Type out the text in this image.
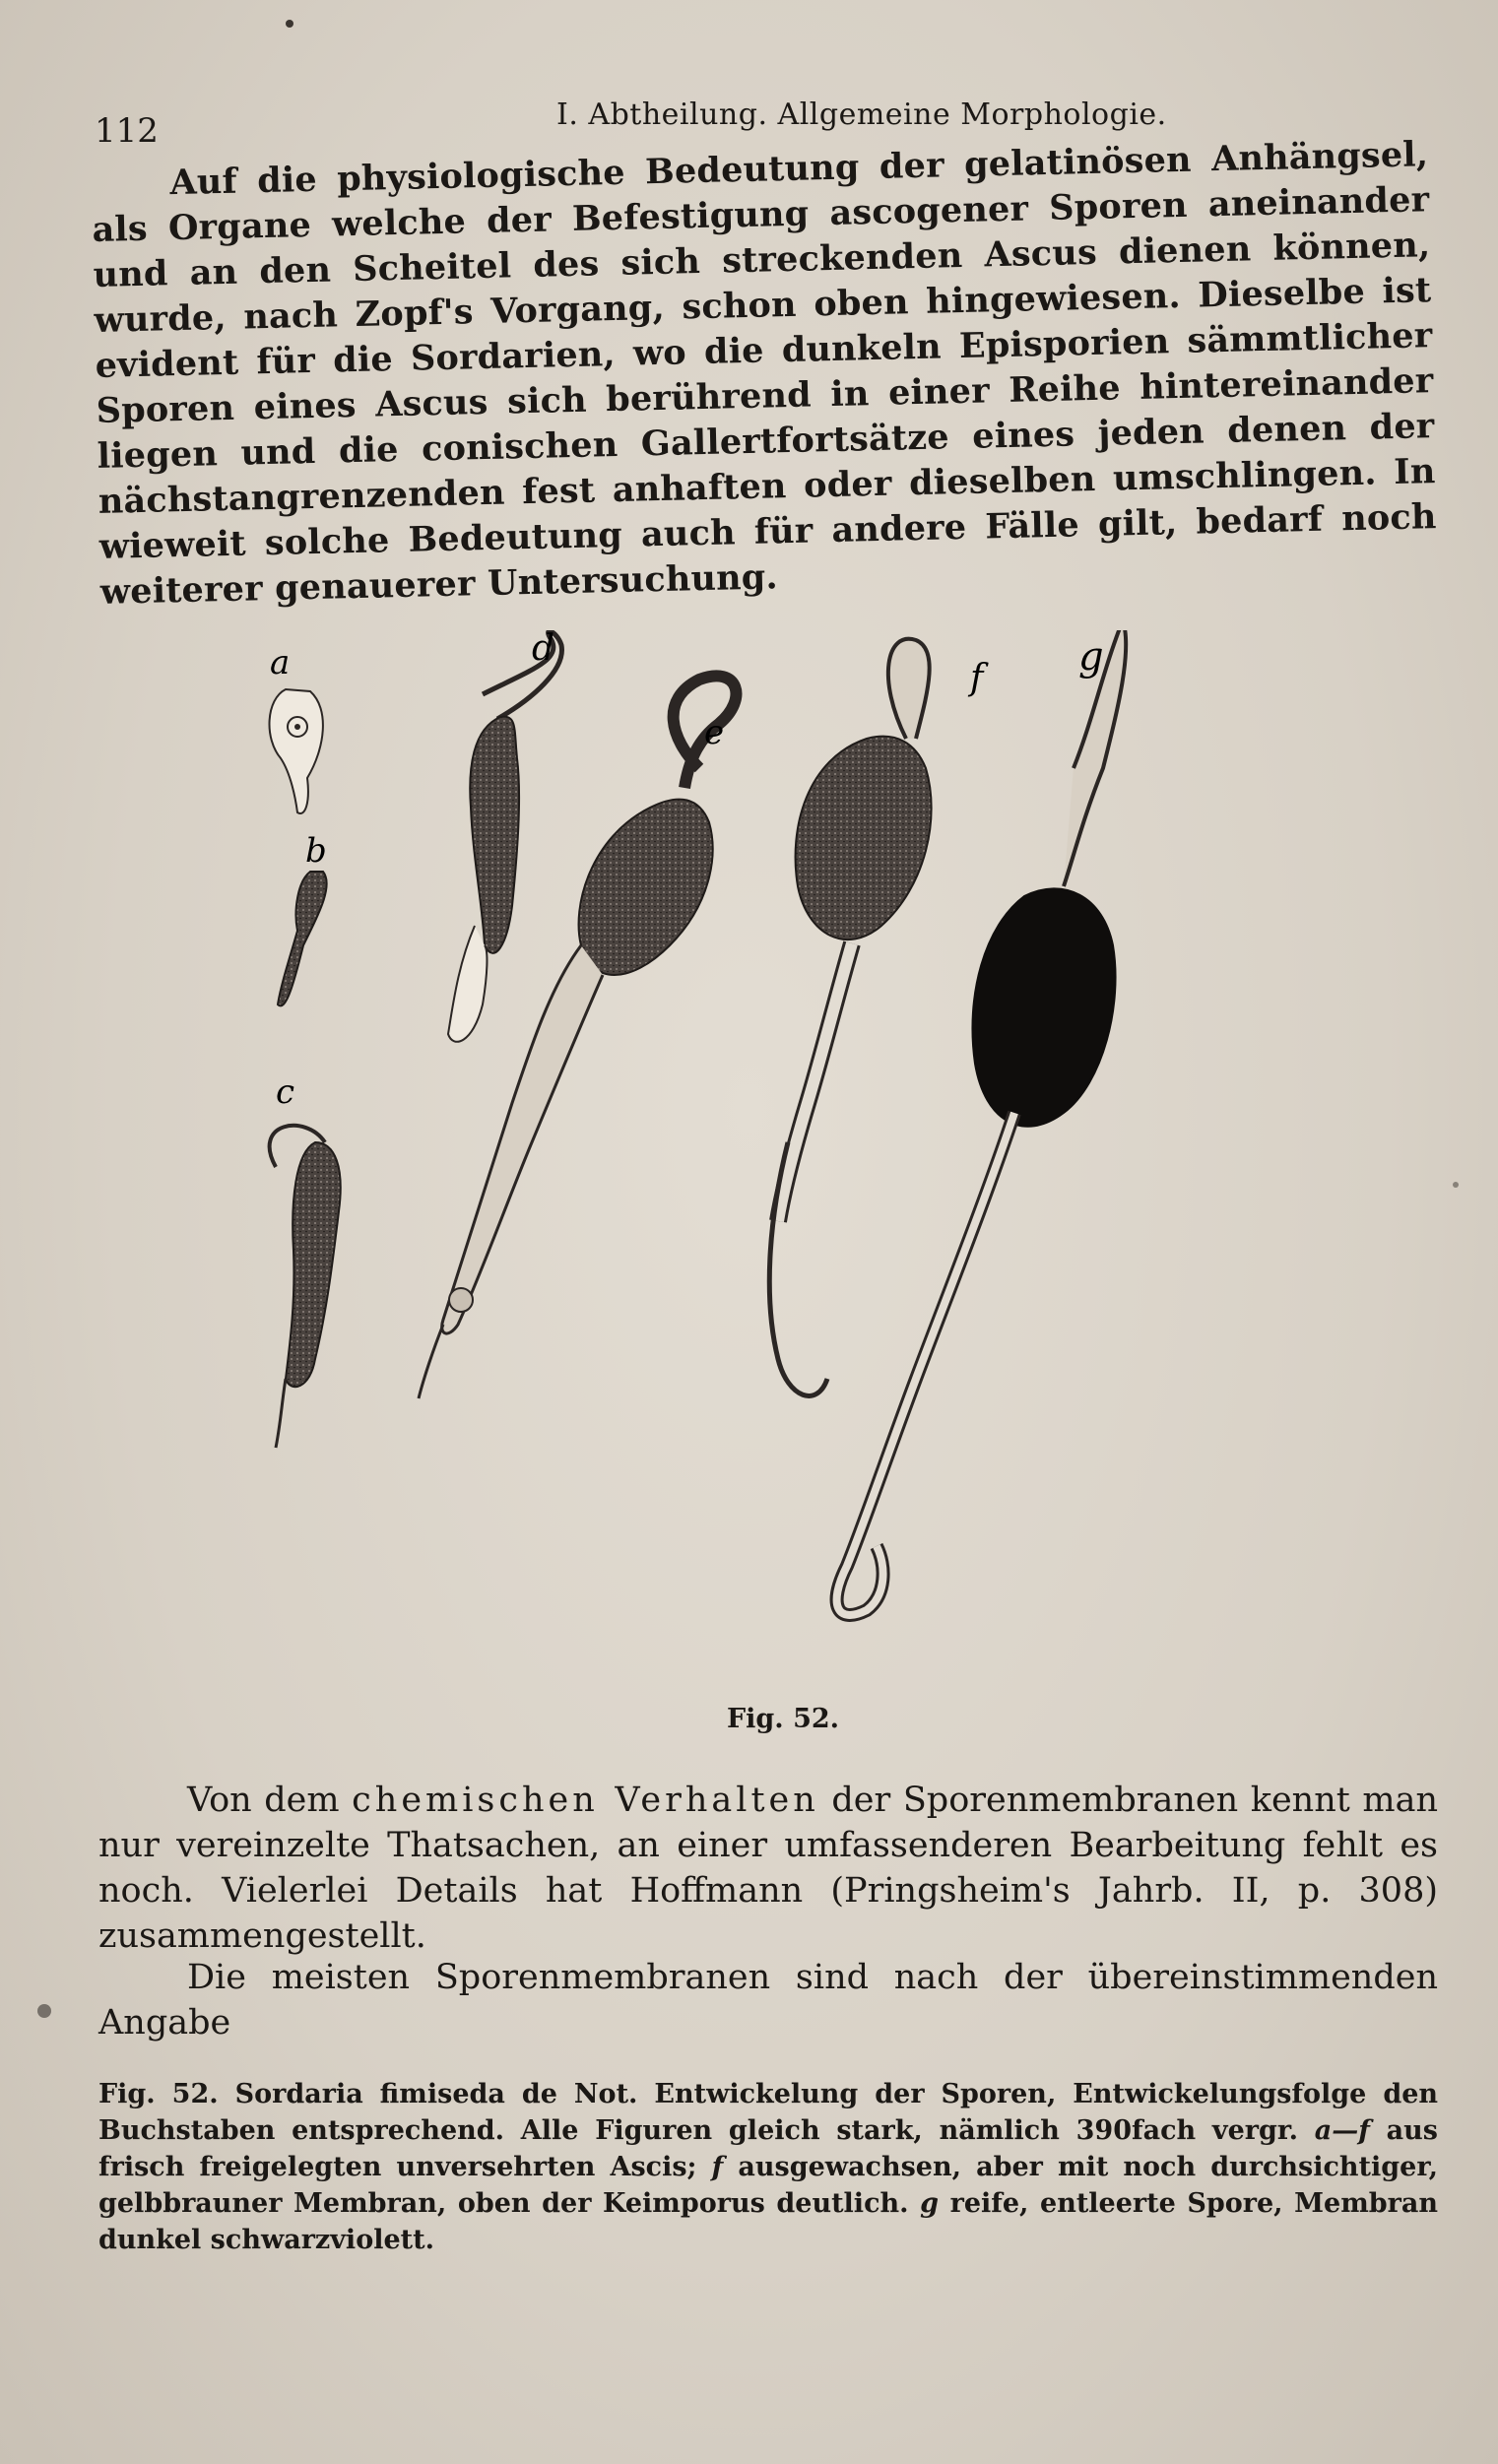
112	I. Abtheilung. Allgemeine Morphologie.

Auf die physiologische Bedeutung der gelatinösen Anhängsel, als Organe welche der Befestigung ascogener Sporen aneinander und an den Scheitel des sich streckenden Ascus dienen können, wurde, nach Zopf's Vorgang, schon oben hingewiesen. Dieselbe ist evident für die Sordarien, wo die dunkeln Episporien sämmtlicher Sporen eines Ascus sich berührend in einer Reihe hintereinander liegen und die conischen Gallertfortsätze eines jeden denen der nächstangrenzenden fest anhaften oder dieselben umschlingen. In wieweit solche Bedeutung auch für andere Fälle gilt, bedarf noch weiterer genauerer Untersuchung.

a
b
c
d
e
f g
Fig. 52.

Von dem chemischen Verhalten der Sporenmembranen kennt man nur vereinzelte Thatsachen, an einer umfassenderen Bearbeitung fehlt es noch. Vielerlei Details hat Hoffmann (Pringsheim's Jahrb. II, p. 308) zusammengestellt.

Die meisten Sporenmembranen sind nach der übereinstimmenden Angabe

Fig. 52. Sordaria fimiseda de Not. Entwickelung der Sporen, Entwickelungsfolge den Buchstaben entsprechend. Alle Figuren gleich stark, nämlich 390fach vergr. a—f aus frisch freigelegten unversehrten Ascis; f ausgewachsen, aber mit noch durchsichtiger, gelbbrauner Membran, oben der Keimporus deutlich. g reife, entleerte Spore, Membran dunkel schwarzviolett.
